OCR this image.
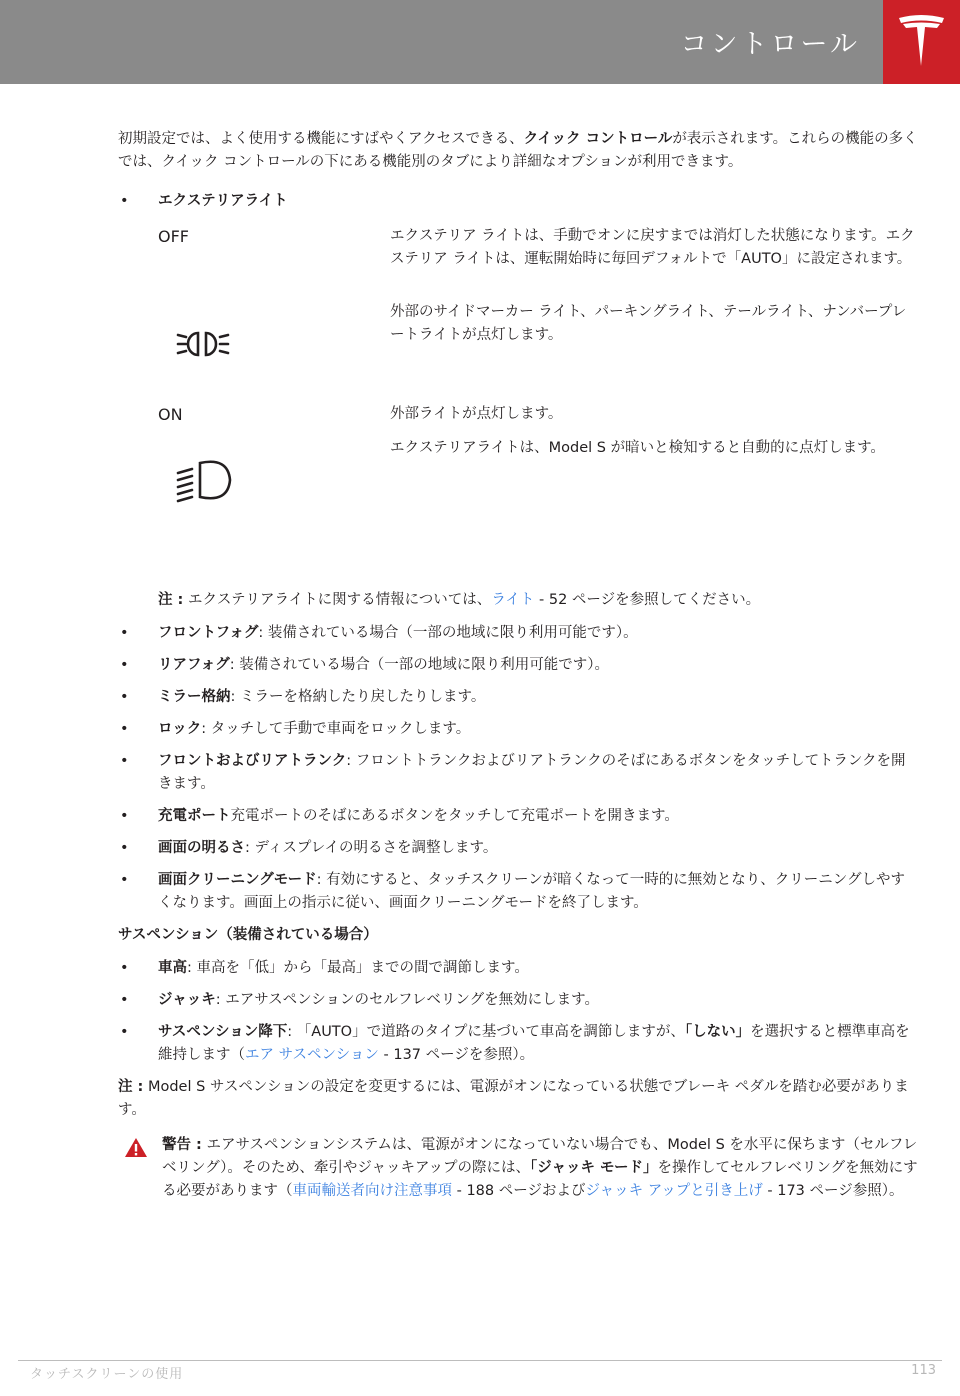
コントロール

初期設定では、よく使用する機能にすばやくアクセスできる、クイック コントロールが表示されます。これらの機能の多くでは、クイック コントロールの下にある機能別のタブにより詳細なオプションが利用できます。

• エクステリアライト
OFF	エクステリア ライトは、手動でオンに戻すまでは消灯した状態になります。エクステリア ライトは、運転開始時に毎回デフォルトで「AUTO」に設定されます。
外部のサイドマーカー ライト、パーキングライト、テールライト、ナンバープレートライトが点灯します。
ON	外部ライトが点灯します。
エクステリアライトは、Model S が暗いと検知すると自動的に点灯します。

注 : エクステリアライトに関する情報については、ライト - 52 ページを参照してください。

• フロントフォグ: 装備されている場合（一部の地域に限り利用可能です）。
• リアフォグ: 装備されている場合（一部の地域に限り利用可能です）。
• ミラー格納: ミラーを格納したり戻したりします。
• ロック: タッチして手動で車両をロックします。
• フロントおよびリアトランク: フロントトランクおよびリアトランクのそばにあるボタンをタッチしてトランクを開きます。
• 充電ポート充電ポートのそばにあるボタンをタッチして充電ポートを開きます。
• 画面の明るさ: ディスプレイの明るさを調整します。
• 画面クリーニングモード: 有効にすると、タッチスクリーンが暗くなって一時的に無効となり、クリーニングしやすくなります。画面上の指示に従い、画面クリーニングモードを終了します。

サスペンション（装備されている場合）

• 車高: 車高を「低」から「最高」までの間で調節します。
• ジャッキ: エアサスペンションのセルフレベリングを無効にします。
• サスペンション降下: 「AUTO」で道路のタイプに基づいて車高を調節しますが、「しない」を選択すると標準車高を維持します（エア サスペンション - 137 ページを参照）。

注 : Model S サスペンションの設定を変更するには、電源がオンになっている状態でブレーキ ペダルを踏む必要があります。

警告 : エアサスペンションシステムは、電源がオンになっていない場合でも、Model S を水平に保ちます（セルフレベリング）。そのため、牽引やジャッキアップの際には、「ジャッキ モード」を操作してセルフレベリングを無効にする必要があります（車両輸送者向け注意事項 - 188 ページおよびジャッキ アップと引き上げ - 173 ページ参照）。
タッチスクリーンの使用	113
